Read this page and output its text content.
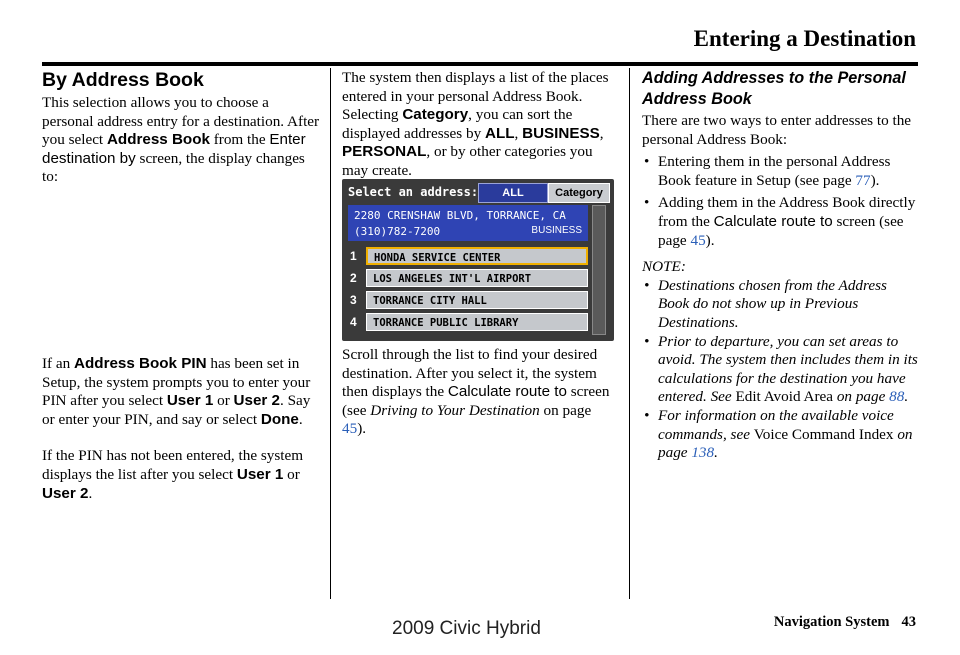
Entering a Destination
By Address Book

This selection allows you to choose a personal address entry for a destination. After you select Address Book from the Enter destination by screen, the display changes to:

If an Address Book PIN has been set in Setup, the system prompts you to enter your PIN after you select User 1 or User 2. Say or enter your PIN, and say or select Done.

If the PIN has not been entered, the system displays the list after you select User 1 or User 2.

The system then displays a list of the places entered in your personal Address Book. Selecting Category, you can sort the displayed addresses by ALL, BUSINESS, PERSONAL, or by other categories you may create.

Scroll through the list to find your desired destination. After you select it, the system then displays the Calculate route to screen (see Driving to Your Destination on page 45).

Select an address:	ALL	Category
2280 CRENSHAW BLVD, TORRANCE, CA
(310)782-7200	BUSINESS
1	HONDA SERVICE CENTER
2	LOS ANGELES INT'L AIRPORT
3	TORRANCE CITY HALL
4	TORRANCE PUBLIC LIBRARY
Adding Addresses to the Personal Address Book

There are two ways to enter addresses to the personal Address Book:

• Entering them in the personal Address Book feature in Setup (see page 77).
• Adding them in the Address Book directly from the Calculate route to screen (see page 45).

NOTE:

• Destinations chosen from the Address Book do not show up in Previous Destinations.
• Prior to departure, you can set areas to avoid. The system then includes them in its calculations for the destination you have entered. See Edit Avoid Area on page 88.
• For information on the available voice commands, see Voice Command Index on page 138.
Navigation System 43
2009 Civic Hybrid
